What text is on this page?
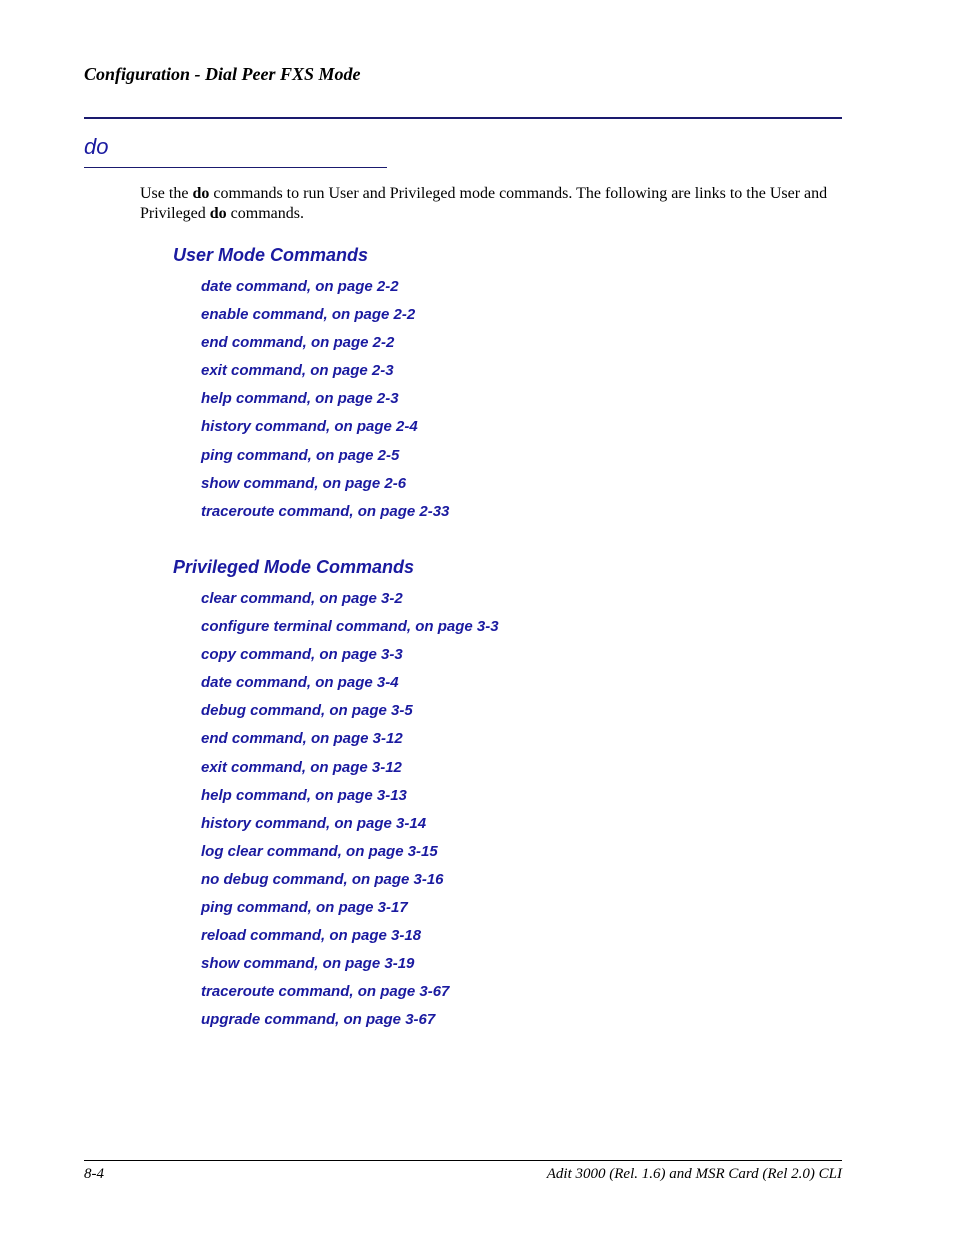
Configuration - Dial Peer FXS Mode
do

Use the do commands to run User and Privileged mode commands. The following are links to the User and Privileged do commands.

User Mode Commands
date command, on page 2-2
enable command, on page 2-2
end command, on page 2-2
exit command, on page 2-3
help command, on page 2-3
history command, on page 2-4
ping command, on page 2-5
show command, on page 2-6
traceroute command, on page 2-33
Privileged Mode Commands
clear command, on page 3-2
configure terminal command, on page 3-3
copy command, on page 3-3
date command, on page 3-4
debug command, on page 3-5
end command, on page 3-12
exit command, on page 3-12
help command, on page 3-13
history command, on page 3-14
log clear command, on page 3-15
no debug command, on page 3-16
ping command, on page 3-17
reload command, on page 3-18
show command, on page 3-19
traceroute command, on page 3-67
upgrade command, on page 3-67
8-4	Adit 3000 (Rel. 1.6) and MSR Card (Rel 2.0) CLI
